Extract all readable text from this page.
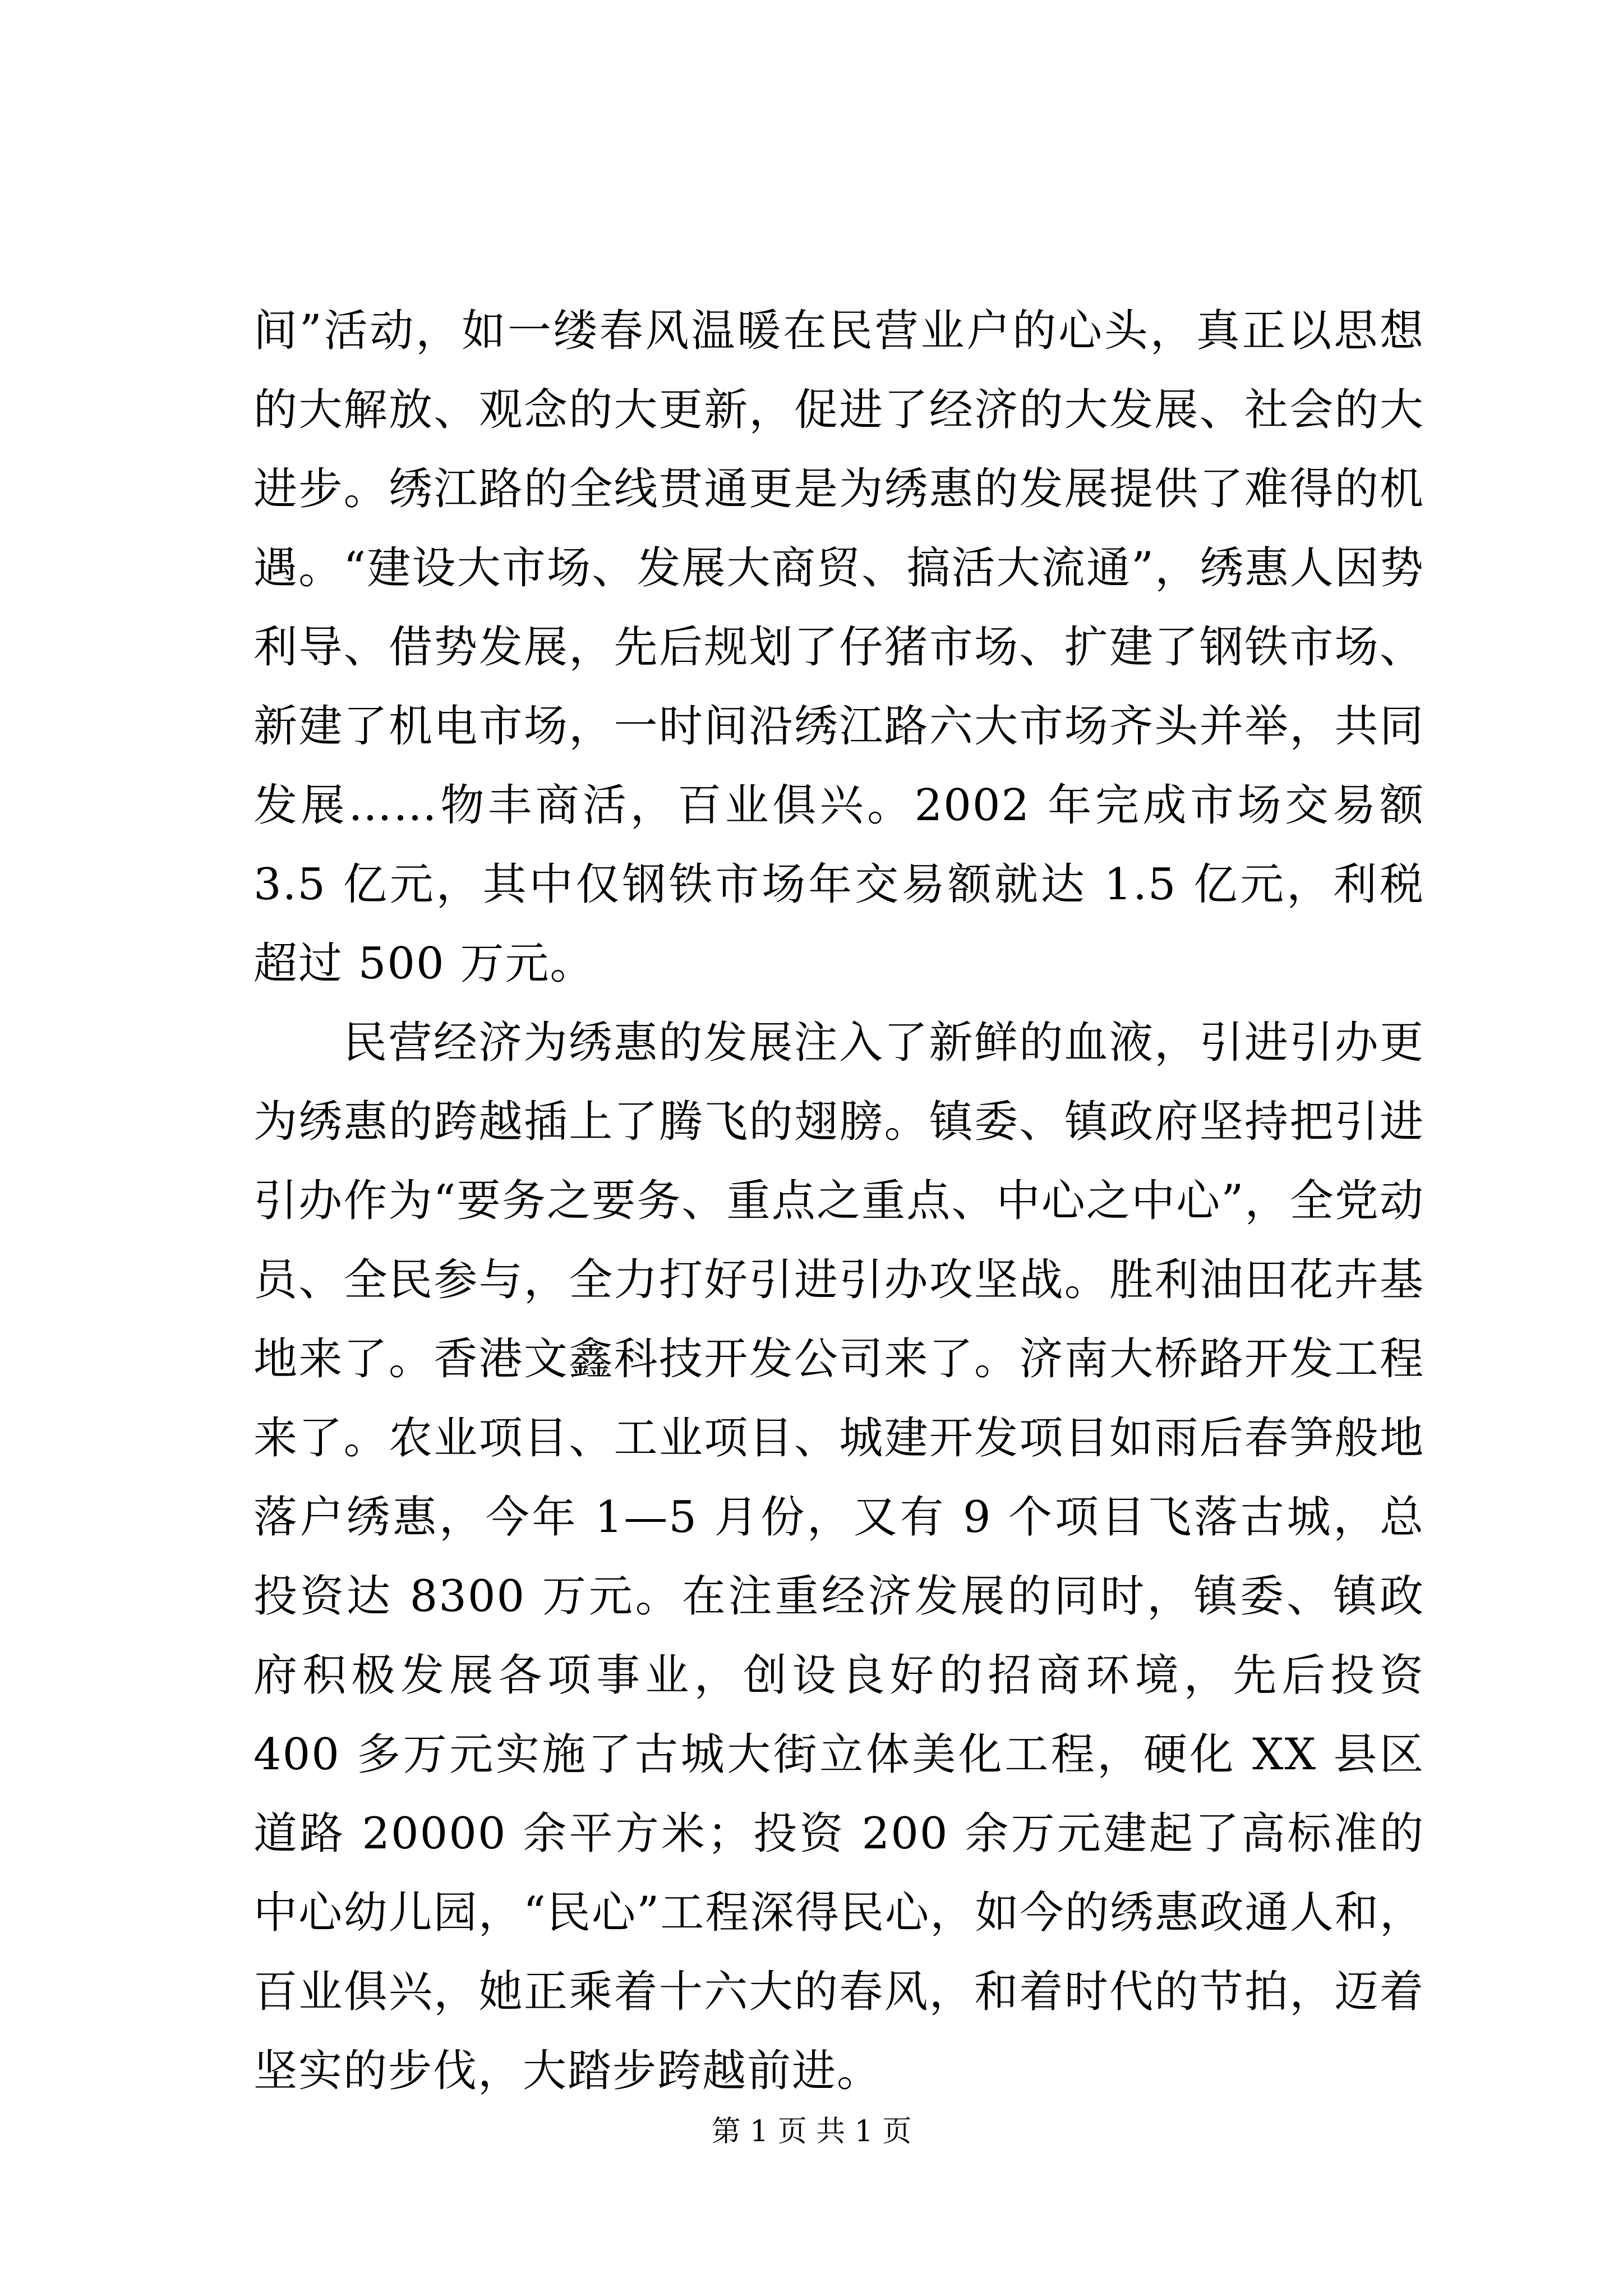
间”活动，如一缕春风温暖在民营业户的心头，真正以思想的大解放、观念的大更新，促进了经济的大发展、社会的大进步。绣江路的全线贯通更是为绣惠的发展提供了难得的机遇。“建设大市场、发展大商贸、搞活大流通”，绣惠人因势利导、借势发展，先后规划了仔猪市场、扩建了钢铁市场、新建了机电市场，一时间沿绣江路六大市场齐头并举，共同发展……物丰商活，百业俱兴。2002 年完成市场交易额 3.5 亿元，其中仅钢铁市场年交易额就达 1.5 亿元，利税超过 500 万元。

民营经济为绣惠的发展注入了新鲜的血液，引进引办更为绣惠的跨越插上了腾飞的翅膀。镇委、镇政府坚持把引进引办作为“要务之要务、重点之重点、中心之中心”，全党动员、全民参与，全力打好引进引办攻坚战。胜利油田花卉基地来了。香港文鑫科技开发公司来了。济南大桥路开发工程来了。农业项目、工业项目、城建开发项目如雨后春笋般地落户绣惠，今年 1—5 月份，又有 9 个项目飞落古城，总投资达 8300 万元。在注重经济发展的同时，镇委、镇政府积极发展各项事业，创设良好的招商环境，先后投资 400 多万元实施了古城大街立体美化工程，硬化 XX 县区道路 20000 余平方米；投资 200 余万元建起了高标准的中心幼儿园，“民心”工程深得民心，如今的绣惠政通人和，百业俱兴，她正乘着十六大的春风，和着时代的节拍，迈着坚实的步伐，大踏步跨越前进。

第 1 页 共 1 页
